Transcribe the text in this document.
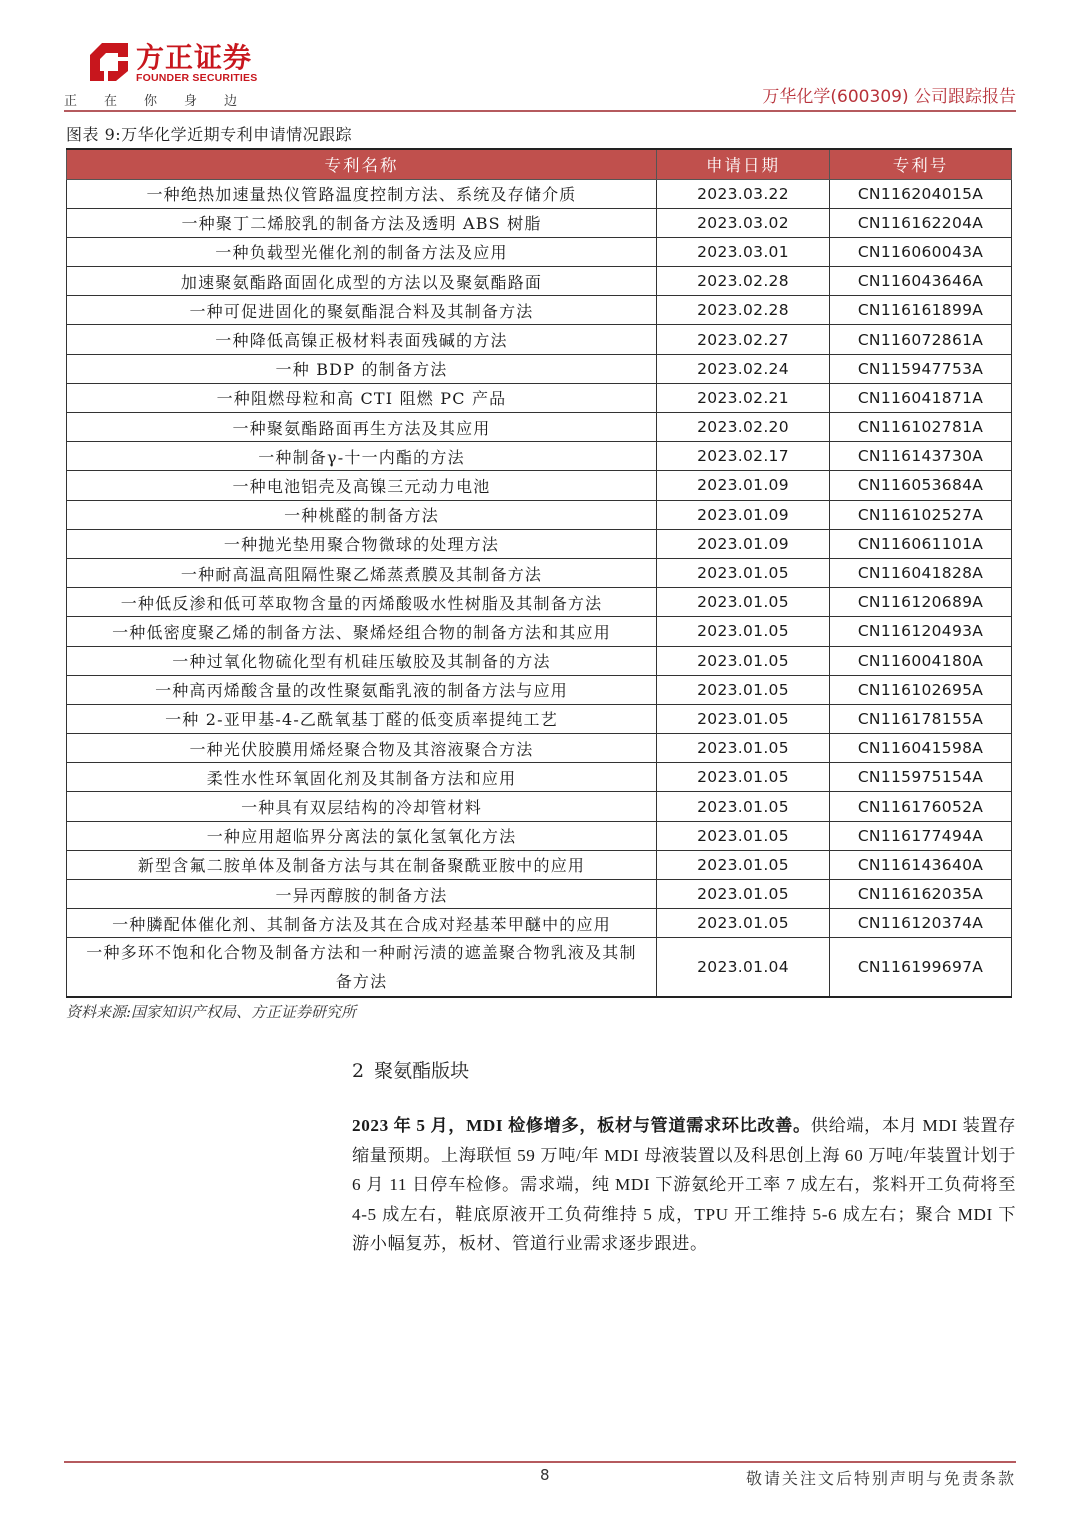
方正证券
FOUNDER SECURITIES
正 在 你 身 边	万华化学(600309) 公司跟踪报告
图表 9:万华化学近期专利申请情况跟踪
专利名称	申请日期	专利号
一种绝热加速量热仪管路温度控制方法、系统及存储介质	2023.03.22	CN116204015A
一种聚丁二烯胶乳的制备方法及透明 ABS 树脂	2023.03.02	CN116162204A
一种负载型光催化剂的制备方法及应用	2023.03.01	CN116060043A
加速聚氨酯路面固化成型的方法以及聚氨酯路面	2023.02.28	CN116043646A
一种可促进固化的聚氨酯混合料及其制备方法	2023.02.28	CN116161899A
一种降低高镍正极材料表面残碱的方法	2023.02.27	CN116072861A
一种 BDP 的制备方法	2023.02.24	CN115947753A
一种阻燃母粒和高 CTI 阻燃 PC 产品	2023.02.21	CN116041871A
一种聚氨酯路面再生方法及其应用	2023.02.20	CN116102781A
一种制备γ-十一内酯的方法	2023.02.17	CN116143730A
一种电池铝壳及高镍三元动力电池	2023.01.09	CN116053684A
一种桃醛的制备方法	2023.01.09	CN116102527A
一种抛光垫用聚合物微球的处理方法	2023.01.09	CN116061101A
一种耐高温高阻隔性聚乙烯蒸煮膜及其制备方法	2023.01.05	CN116041828A
一种低反渗和低可萃取物含量的丙烯酸吸水性树脂及其制备方法	2023.01.05	CN116120689A
一种低密度聚乙烯的制备方法、聚烯烃组合物的制备方法和其应用	2023.01.05	CN116120493A
一种过氧化物硫化型有机硅压敏胶及其制备的方法	2023.01.05	CN116004180A
一种高丙烯酸含量的改性聚氨酯乳液的制备方法与应用	2023.01.05	CN116102695A
一种 2-亚甲基-4-乙酰氧基丁醛的低变质率提纯工艺	2023.01.05	CN116178155A
一种光伏胶膜用烯烃聚合物及其溶液聚合方法	2023.01.05	CN116041598A
柔性水性环氧固化剂及其制备方法和应用	2023.01.05	CN115975154A
一种具有双层结构的冷却管材料	2023.01.05	CN116176052A
一种应用超临界分离法的氯化氢氧化方法	2023.01.05	CN116177494A
新型含氟二胺单体及制备方法与其在制备聚酰亚胺中的应用	2023.01.05	CN116143640A
一异丙醇胺的制备方法	2023.01.05	CN116162035A
一种膦配体催化剂、其制备方法及其在合成对羟基苯甲醚中的应用	2023.01.05	CN116120374A
一种多环不饱和化合物及制备方法和一种耐污渍的遮盖聚合物乳液及其制备方法	2023.01.04	CN116199697A
资料来源:国家知识产权局、方正证券研究所
2 聚氨酯版块
2023 年 5 月，MDI 检修增多，板材与管道需求环比改善。供给端，本月 MDI 装置存缩量预期。上海联恒 59 万吨/年 MDI 母液装置以及科思创上海 60 万吨/年装置计划于 6 月 11 日停车检修。需求端，纯 MDI 下游氨纶开工率 7 成左右，浆料开工负荷将至 4-5 成左右，鞋底原液开工负荷维持 5 成，TPU 开工维持 5-6 成左右；聚合 MDI 下游小幅复苏，板材、管道行业需求逐步跟进。
8	敬请关注文后特别声明与免责条款
